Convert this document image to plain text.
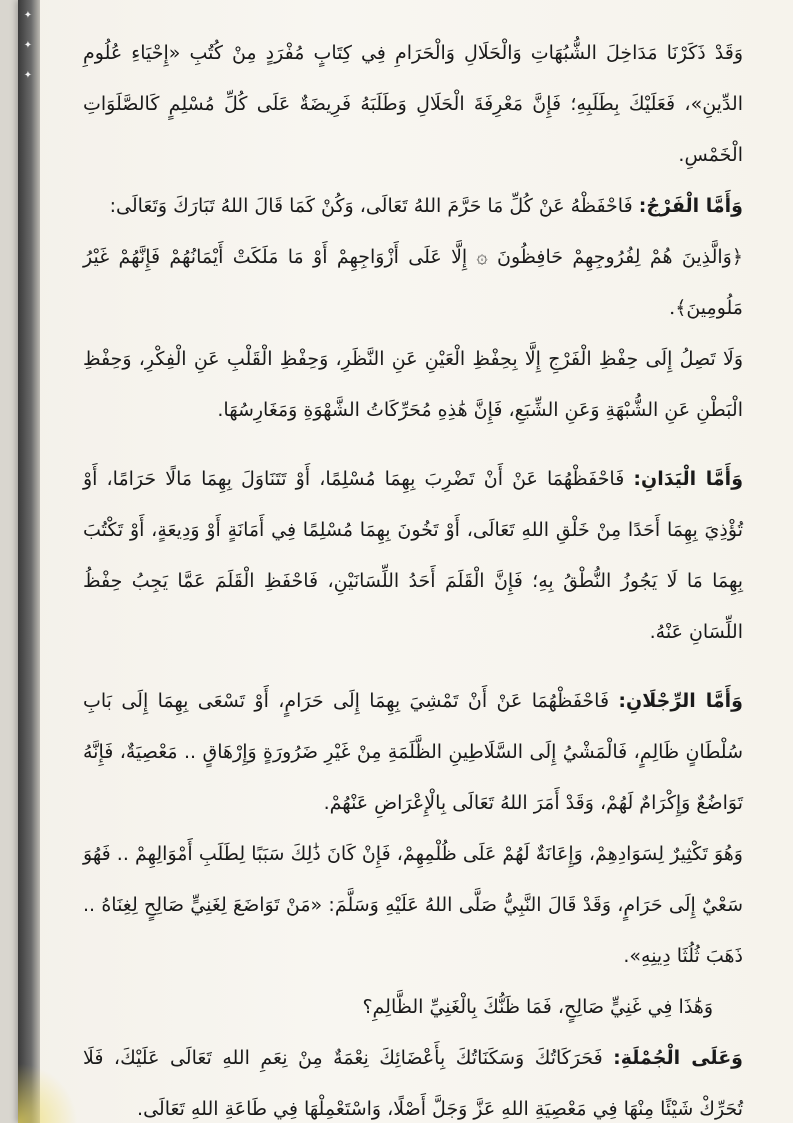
✦
✦
✦

وَقَدْ ذَكَرْنَا مَدَاخِلَ الشُّبُهَاتِ وَالْحَلَالِ وَالْحَرَامِ فِي كِتَابٍ مُفْرَدٍ مِنْ كُتُبِ «إِحْيَاءِ عُلُومِ الدِّينِ»، فَعَلَيْكَ بِطَلَبِهِ؛ فَإِنَّ مَعْرِفَةَ الْحَلَالِ وَطَلَبَهُ فَرِيضَةٌ عَلَى كُلِّ مُسْلِمٍ كَالصَّلَوَاتِ الْخَمْسِ.

وَأَمَّا الْفَرْجُ: فَاحْفَظْهُ عَنْ كُلِّ مَا حَرَّمَ اللهُ تَعَالَى، وَكُنْ كَمَا قَالَ اللهُ تَبَارَكَ وَتَعَالَى:

﴿وَالَّذِينَ هُمْ لِفُرُوجِهِمْ حَافِظُونَ ۞ إِلَّا عَلَى أَزْوَاجِهِمْ أَوْ مَا مَلَكَتْ أَيْمَانُهُمْ فَإِنَّهُمْ غَيْرُ مَلُومِينَ﴾.

وَلَا تَصِلُ إِلَى حِفْظِ الْفَرْجِ إِلَّا بِحِفْظِ الْعَيْنِ عَنِ النَّظَرِ، وَحِفْظِ الْقَلْبِ عَنِ الْفِكْرِ، وَحِفْظِ الْبَطْنِ عَنِ الشُّبْهَةِ وَعَنِ الشِّبَعِ، فَإِنَّ هَٰذِهِ مُحَرِّكَاتُ الشَّهْوَةِ وَمَغَارِسُهَا.

وَأَمَّا الْيَدَانِ: فَاحْفَظْهُمَا عَنْ أَنْ تَضْرِبَ بِهِمَا مُسْلِمًا، أَوْ تَتَنَاوَلَ بِهِمَا مَالًا حَرَامًا، أَوْ تُؤْذِيَ بِهِمَا أَحَدًا مِنْ خَلْقِ اللهِ تَعَالَى، أَوْ تَخُونَ بِهِمَا مُسْلِمًا فِي أَمَانَةٍ أَوْ وَدِيعَةٍ، أَوْ تَكْتُبَ بِهِمَا مَا لَا يَجُوزُ النُّطْقُ بِهِ؛ فَإِنَّ الْقَلَمَ أَحَدُ اللِّسَانَيْنِ، فَاحْفَظِ الْقَلَمَ عَمَّا يَجِبُ حِفْظُ اللِّسَانِ عَنْهُ.

وَأَمَّا الرِّجْلَانِ: فَاحْفَظْهُمَا عَنْ أَنْ تَمْشِيَ بِهِمَا إِلَى حَرَامٍ، أَوْ تَسْعَى بِهِمَا إِلَى بَابِ سُلْطَانٍ ظَالِمٍ، فَالْمَشْيُ إِلَى السَّلَاطِينِ الظَّلَمَةِ مِنْ غَيْرِ ضَرُورَةٍ وَإِرْهَاقٍ .. مَعْصِيَةٌ، فَإِنَّهُ تَوَاضُعٌ وَإِكْرَامٌ لَهُمْ، وَقَدْ أَمَرَ اللهُ تَعَالَى بِالْإِعْرَاضِ عَنْهُمْ.

وَهُوَ تَكْثِيرٌ لِسَوَادِهِمْ، وَإِعَانَةٌ لَهُمْ عَلَى ظُلْمِهِمْ، فَإِنْ كَانَ ذَٰلِكَ سَبَبًا لِطَلَبِ أَمْوَالِهِمْ .. فَهُوَ سَعْيٌ إِلَى حَرَامٍ، وَقَدْ قَالَ النَّبِيُّ صَلَّى اللهُ عَلَيْهِ وَسَلَّمَ: «مَنْ تَوَاضَعَ لِغَنِيٍّ صَالِحٍ لِغِنَاهُ .. ذَهَبَ ثُلُثَا دِينِهِ».

وَهَٰذَا فِي غَنِيٍّ صَالِحٍ، فَمَا ظَنُّكَ بِالْغَنِيِّ الظَّالِمِ؟

وَعَلَى الْجُمْلَةِ: فَحَرَكَاتُكَ وَسَكَنَاتُكَ بِأَعْضَائِكَ نِعْمَةٌ مِنْ نِعَمِ اللهِ تَعَالَى عَلَيْكَ، فَلَا تُحَرِّكْ شَيْئًا مِنْهَا فِي مَعْصِيَةِ اللهِ عَزَّ وَجَلَّ أَصْلًا، وَاسْتَعْمِلْهَا فِي طَاعَةِ اللهِ تَعَالَى.
